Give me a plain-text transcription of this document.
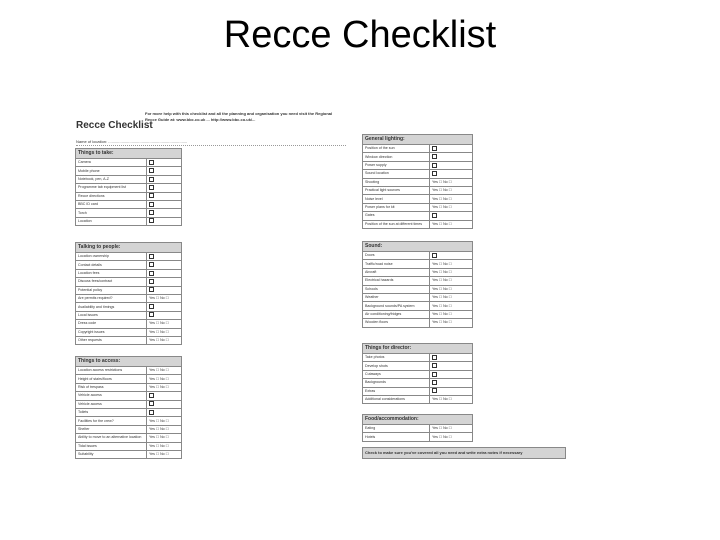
Recce Checklist
Recce Checklist
For more help with this checklist and all the planning and organisation you need visit the Regional Recce Guide at: www.bbc.co.uk ... http://www.bbc.co.uk/...
Name of location: .......................................................................
Check to make sure you've covered all you need and write extra notes if necessary
Things to take:	
Camera	
Mobile phone	
Notebook, pen, A-Z	
Programme tab equipment list	
Recce directions	
BBC ID card	
Torch	
Location	
Talking to people:	
Location ownership	
Contact details	
Location fees	
Discuss fees/contract	
Potential policy	
Are permits required?	Yes ☐ No ☐
Availability and timings	
Local issues	
Dress code	Yes ☐ No ☐
Copyright issues	Yes ☐ No ☐
Other requests	Yes ☐ No ☐
Things to access:	
Location access restrictions	Yes ☐ No ☐
Height of stairs/floors	Yes ☐ No ☐
Risk of trespass	Yes ☐ No ☐
Vehicle access	
Vehicle access	
Toilets	
Facilities for the crew?	Yes ☐ No ☐
Shelter	Yes ☐ No ☐
Ability to move to an alternative location	Yes ☐ No ☐
Tidal issues	Yes ☐ No ☐
Suitability	Yes ☐ No ☐
General lighting:	
Position of the sun	
Window direction	
Power supply	
Sound location	
Shooting	Yes ☐ No ☐
Practical light sources	Yes ☐ No ☐
Noise level	Yes ☐ No ☐
Power plans for kit	Yes ☐ No ☐
Gates	
Position of the sun at different times	Yes ☐ No ☐
Sound:	
Doors	
Traffic/road noise	Yes ☐ No ☐
Aircraft	Yes ☐ No ☐
Electrical hazards	Yes ☐ No ☐
Schools	Yes ☐ No ☐
Weather	Yes ☐ No ☐
Background sounds/PA system	Yes ☐ No ☐
Air conditioning/fridges	Yes ☐ No ☐
Wooden floors	Yes ☐ No ☐
Things for director:	
Take photos	
Develop shots	
Cutaways	
Backgrounds	
Extras	
Additional considerations	Yes ☐ No ☐
Food/accommodation:	
Eating	Yes ☐ No ☐
Hotels	Yes ☐ No ☐
